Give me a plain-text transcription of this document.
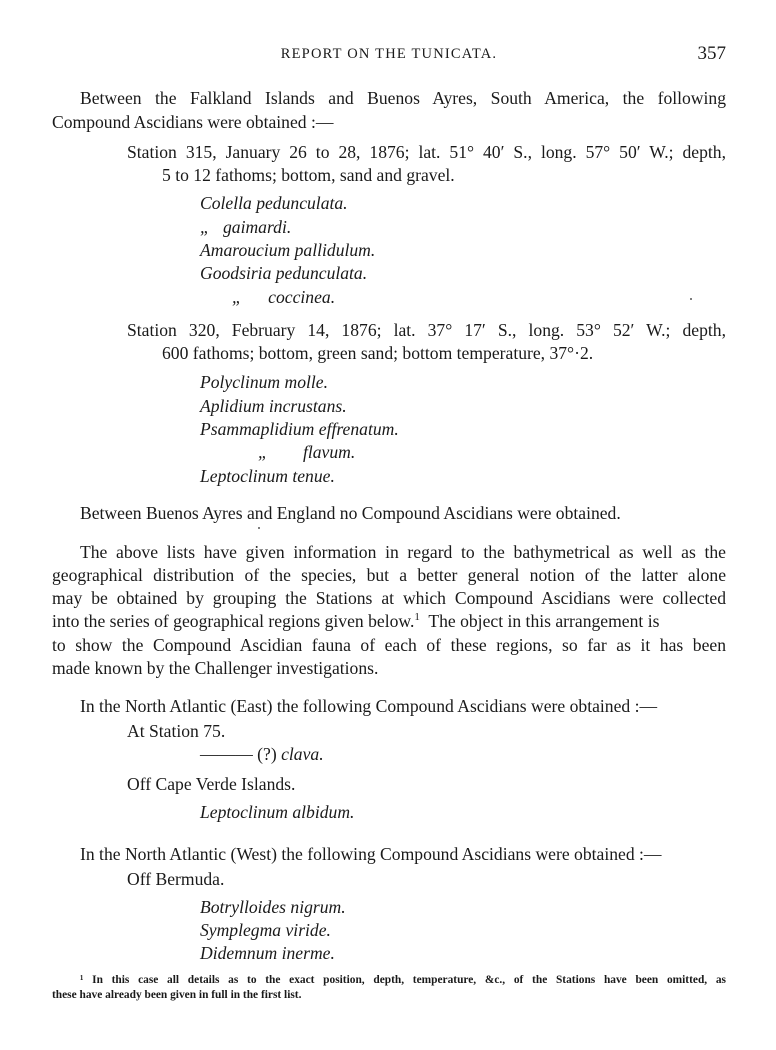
REPORT ON THE TUNICATA.	357
Between the Falkland Islands and Buenos Ayres, South America, the following
Compound Ascidians were obtained :—
Station 315, January 26 to 28, 1876; lat. 51° 40′ S., long. 57° 50′ W.; depth,
5 to 12 fathoms; bottom, sand and gravel.
Colella pedunculata.
„   gaimardi.
Amaroucium pallidulum.
Goodsiria pedunculata.
„      coccinea.
Station 320, February 14, 1876; lat. 37° 17′ S., long. 53° 52′ W.; depth,
600 fathoms; bottom, green sand; bottom temperature, 37°·2.
Polyclinum molle.
Aplidium incrustans.
Psammaplidium effrenatum.
„        flavum.
Leptoclinum tenue.
Between Buenos Ayres and England no Compound Ascidians were obtained.
The above lists have given information in regard to the bathymetrical as well as the
geographical distribution of the species, but a better general notion of the latter alone
may be obtained by grouping the Stations at which Compound Ascidians were collected
into the series of geographical regions given below.$^1$  The object in this arrangement is
to show the Compound Ascidian fauna of each of these regions, so far as it has been
made known by the Challenger investigations.
In the North Atlantic (East) the following Compound Ascidians were obtained :—
At Station 75.
——— (?) clava.
Off Cape Verde Islands.
Leptoclinum albidum.
In the North Atlantic (West) the following Compound Ascidians were obtained :—
Off Bermuda.
Botrylloides nigrum.
Symplegma viride.
Didemnum inerme.
¹ In this case all details as to the exact position, depth, temperature, &c., of the Stations have been omitted, as
these have already been given in full in the first list.
